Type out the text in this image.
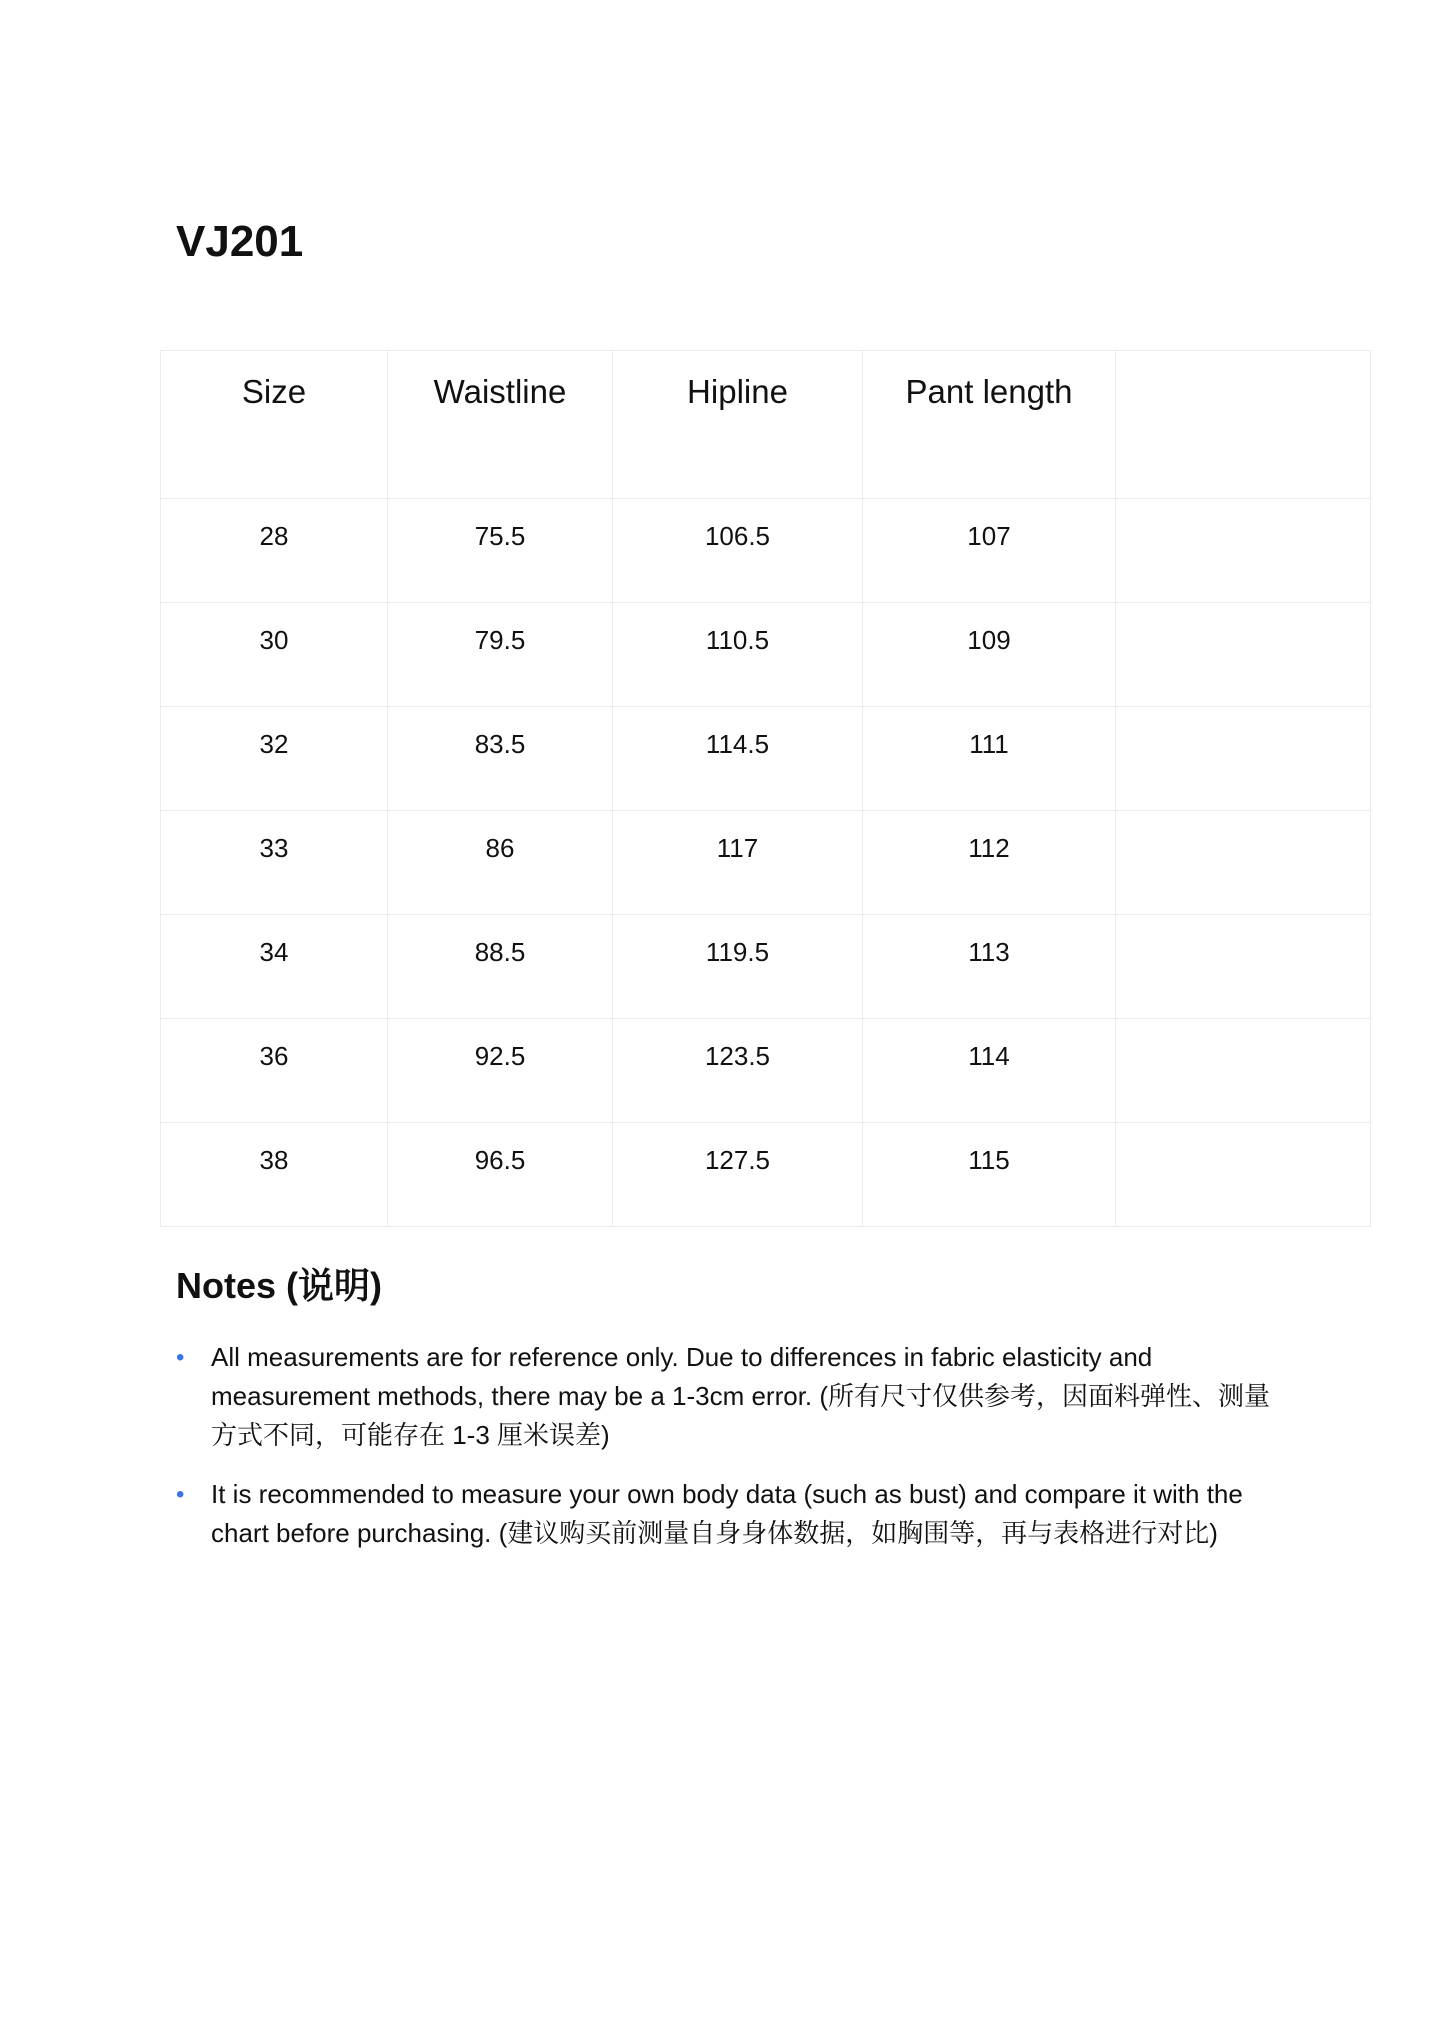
VJ201
Size	Waistline	Hipline	Pant length	
28	75.5	106.5	107	
30	79.5	110.5	109	
32	83.5	114.5	111	
33	86	117	112	
34	88.5	119.5	113	
36	92.5	123.5	114	
38	96.5	127.5	115	
Notes (说明)
• All measurements are for reference only. Due to differences in fabric elasticity and measurement methods, there may be a 1-3cm error. (所有尺寸仅供参考，因面料弹性、测量方式不同，可能存在 1-3 厘米误差)
• It is recommended to measure your own body data (such as bust) and compare it with the chart before purchasing. (建议购买前测量自身身体数据，如胸围等，再与表格进行对比)
